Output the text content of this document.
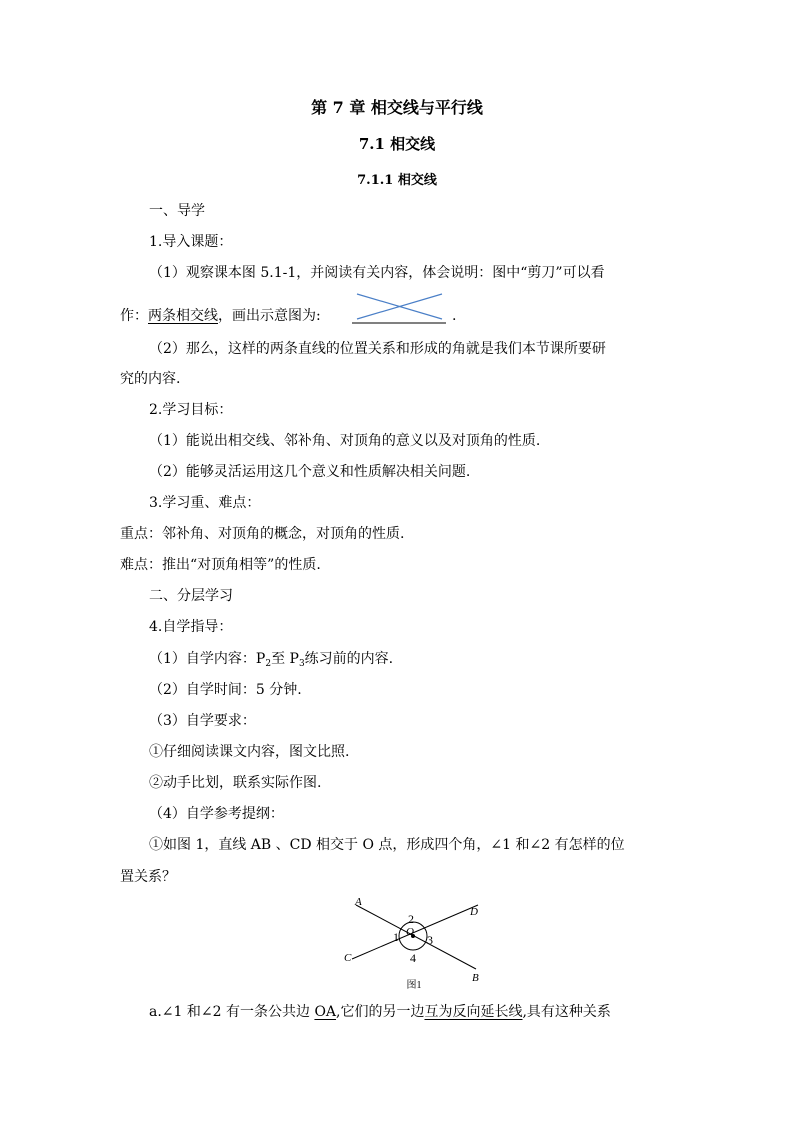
第 7 章 相交线与平行线
7.1 相交线
7.1.1 相交线
一、导学
1.导入课题：
（1）观察课本图 5.1-1，并阅读有关内容，体会说明：图中“剪刀”可以看
作：两条相交线，画出示意图为:	.
（2）那么，这样的两条直线的位置关系和形成的角就是我们本节课所要研
究的内容.
2.学习目标：
（1）能说出相交线、邻补角、对顶角的意义以及对顶角的性质.
（2）能够灵活运用这几个意义和性质解决相关问题.
3.学习重、难点：
重点：邻补角、对顶角的概念，对顶角的性质.
难点：推出“对顶角相等”的性质.
二、分层学习
4.自学指导：
（1）自学内容：$P_2$至 $P_3$练习前的内容.
（2）自学时间：5 分钟.
（3）自学要求：
①仔细阅读课文内容，图文比照.
②动手比划，联系实际作图.
（4）自学参考提纲：
①如图 1，直线 AB 、CD 相交于 O 点，形成四个角，∠1 和∠2 有怎样的位
置关系？
A
B
C
D
O
2
1 3
4
图1
a.∠1 和∠2 有一条公共边 OA,它们的另一边互为反向延长线,具有这种关系
